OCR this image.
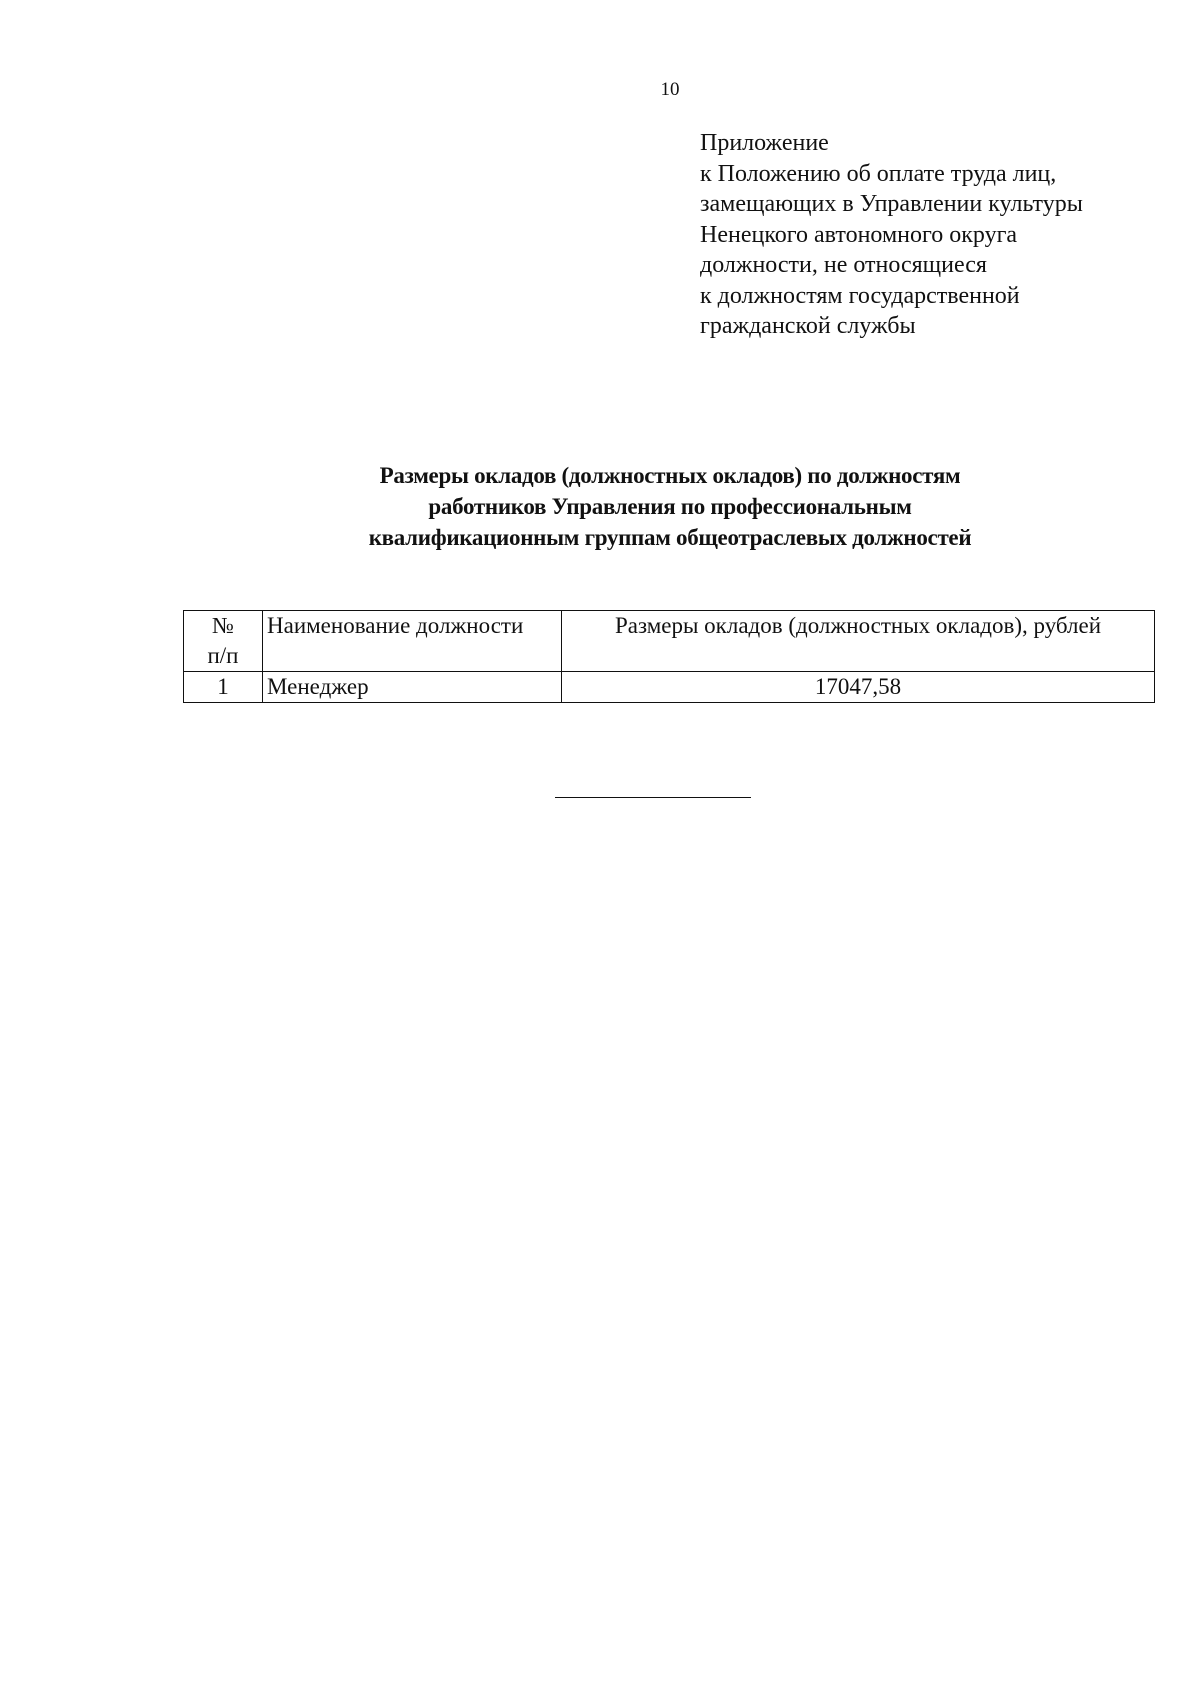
10
Приложение
к Положению об оплате труда лиц,
замещающих в Управлении культуры
Ненецкого автономного округа
должности, не относящиеся
к должностям государственной
гражданской службы
Размеры окладов (должностных окладов) по должностям
работников Управления по профессиональным
квалификационным группам общеотраслевых должностей
№
п/п	Наименование должности	Размеры окладов (должностных окладов), рублей
1	Менеджер	17047,58
